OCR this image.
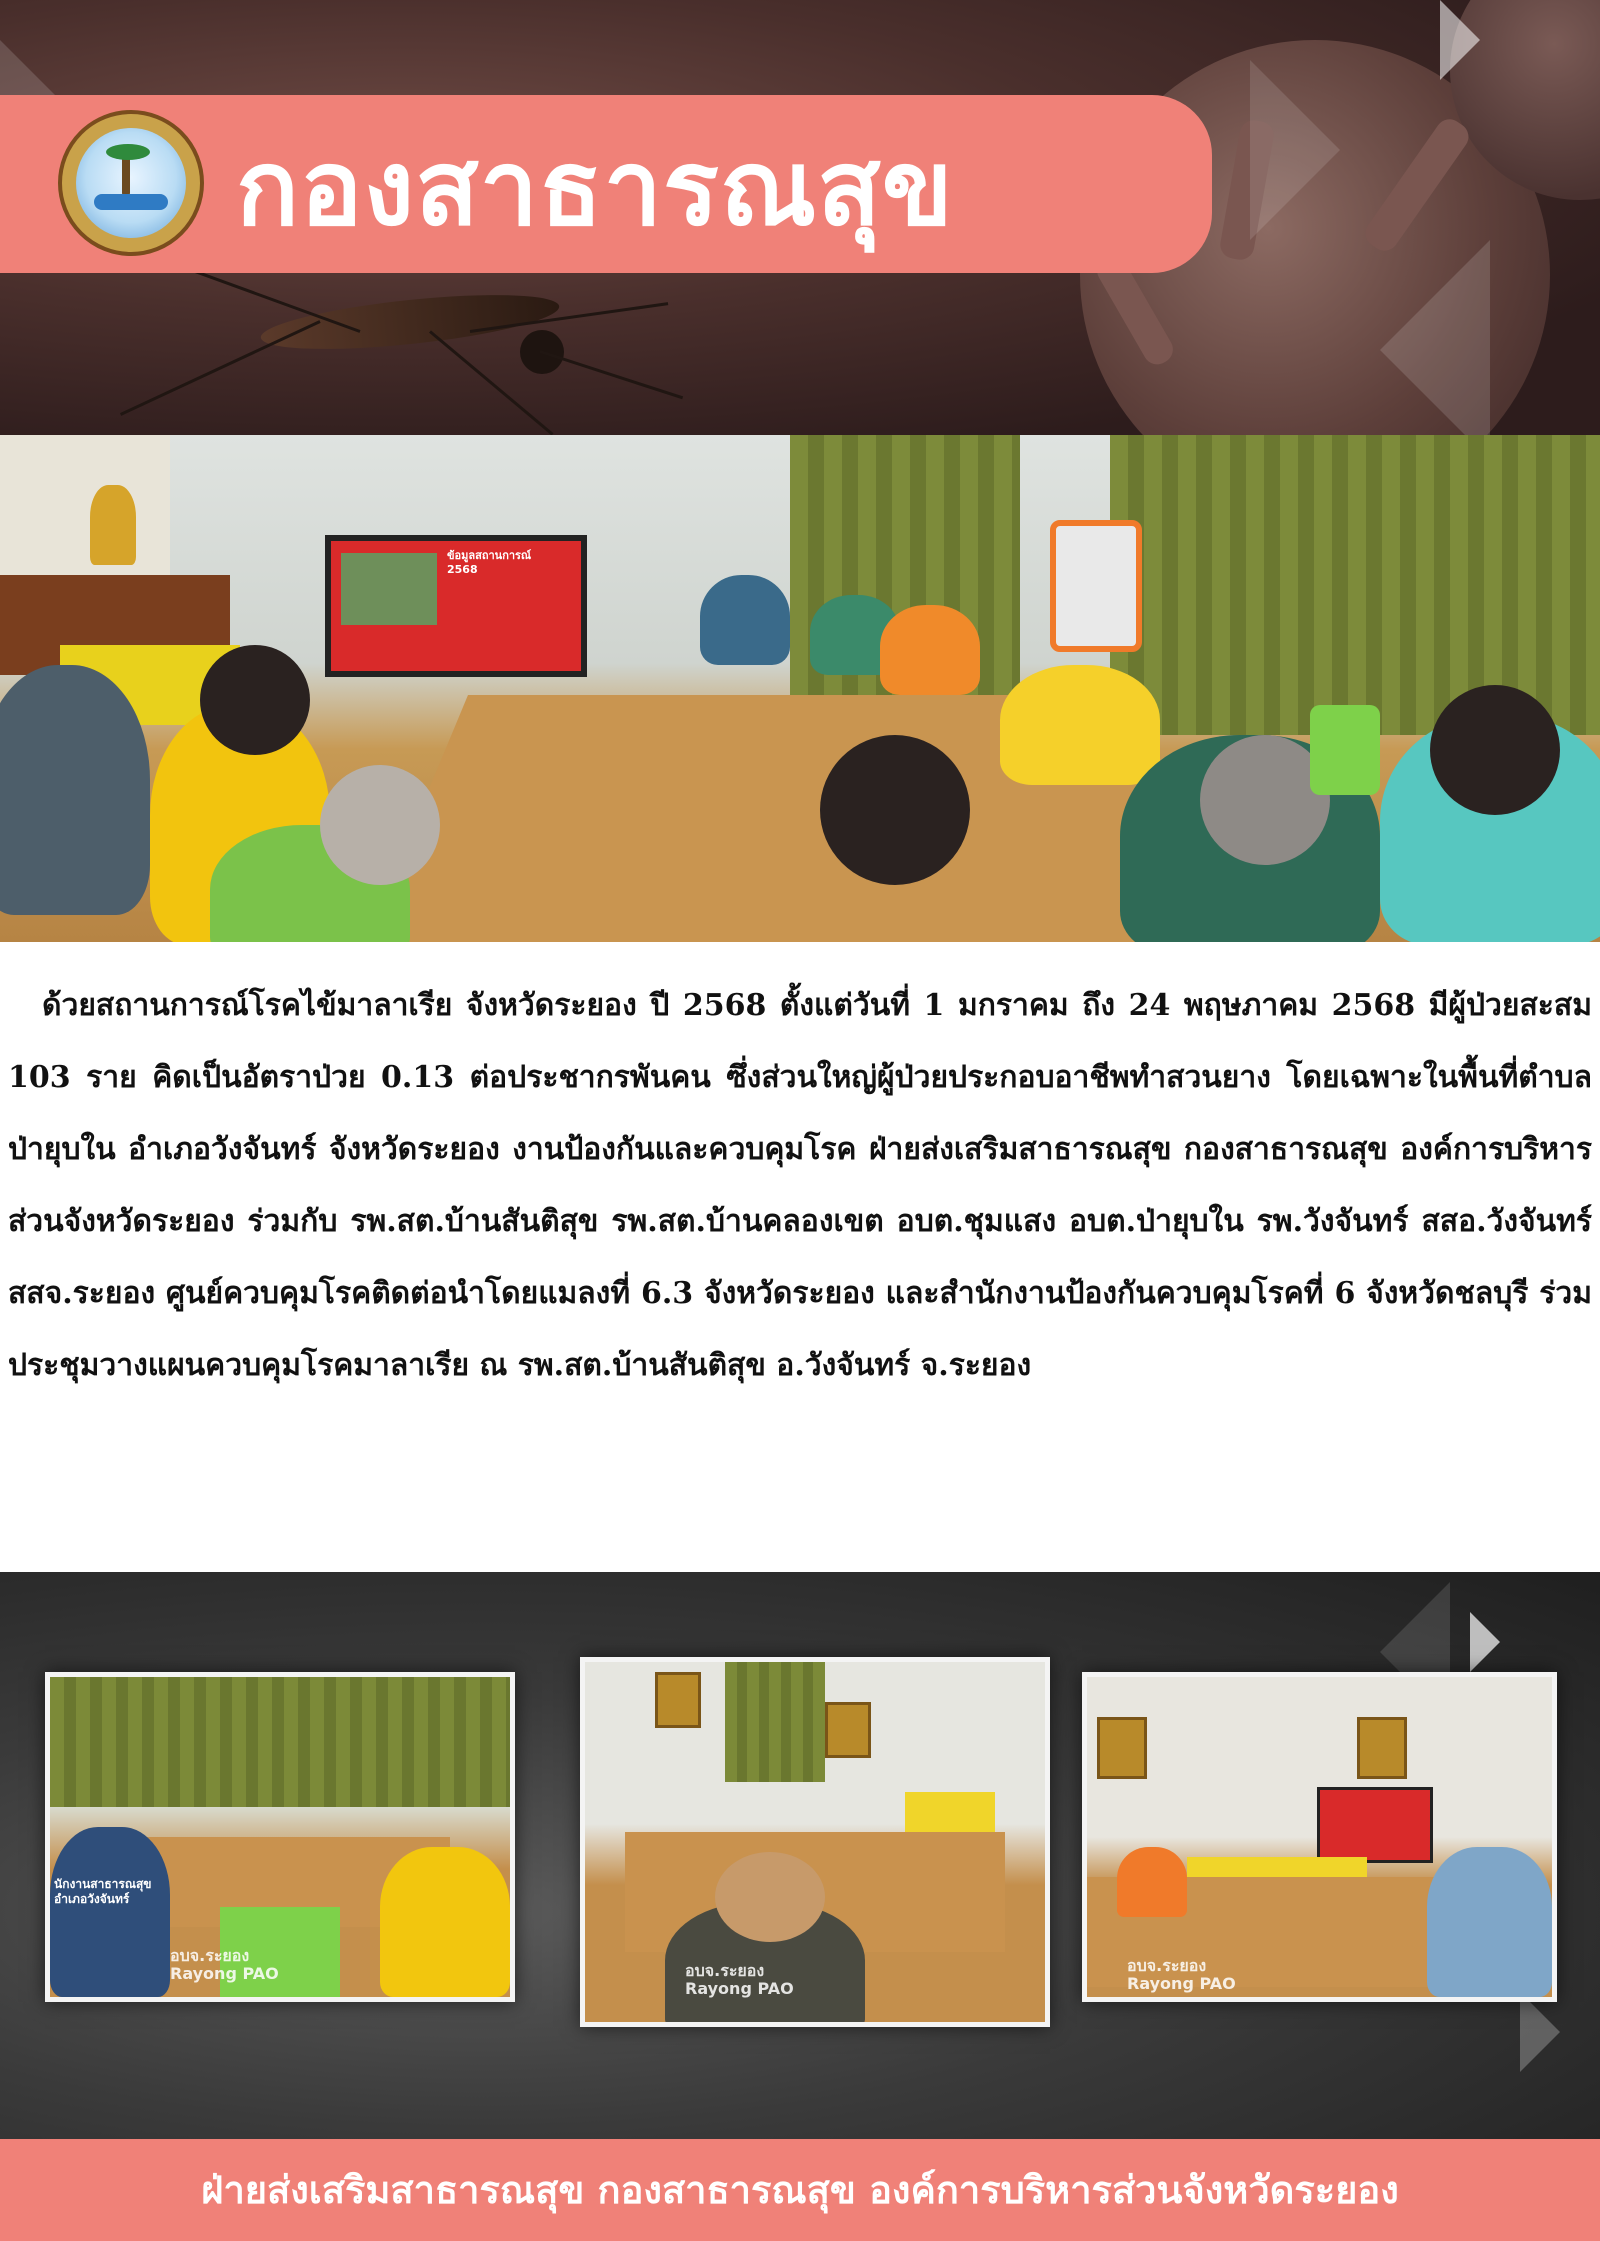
กองสาธารณสุข
ข้อมูลสถานการณ์
2568

ด้วยสถานการณ์โรคไข้มาลาเรีย จังหวัดระยอง ปี 2568 ตั้งแต่วันที่ 1 มกราคม ถึง 24 พฤษภาคม 2568 มีผู้ป่วยสะสม 103 ราย คิดเป็นอัตราป่วย 0.13 ต่อประชากรพันคน ซึ่งส่วนใหญ่ผู้ป่วยประกอบอาชีพทำสวนยาง โดยเฉพาะในพื้นที่ตำบลป่ายุบใน อำเภอวังจันทร์ จังหวัดระยอง งานป้องกันและควบคุมโรค ฝ่ายส่งเสริมสาธารณสุข กองสาธารณสุข องค์การบริหารส่วนจังหวัดระยอง ร่วมกับ รพ.สต.บ้านสันติสุข รพ.สต.บ้านคลองเขต อบต.ชุมแสง อบต.ป่ายุบใน รพ.วังจันทร์ สสอ.วังจันทร์ สสจ.ระยอง ศูนย์ควบคุมโรคติดต่อนำโดยแมลงที่ 6.3 จังหวัดระยอง และสำนักงานป้องกันควบคุมโรคที่ 6 จังหวัดชลบุรี ร่วมประชุมวางแผนควบคุมโรคมาลาเรีย ณ รพ.สต.บ้านสันติสุข อ.วังจันทร์ จ.ระยอง

นักงานสาธารณสุข อำเภอวังจันทร์
อบจ.ระยอง
Rayong PAO	อบจ.ระยอง
Rayong PAO
อบจ.ระยอง
Rayong PAO
ฝ่ายส่งเสริมสาธารณสุข กองสาธารณสุข องค์การบริหารส่วนจังหวัดระยอง
